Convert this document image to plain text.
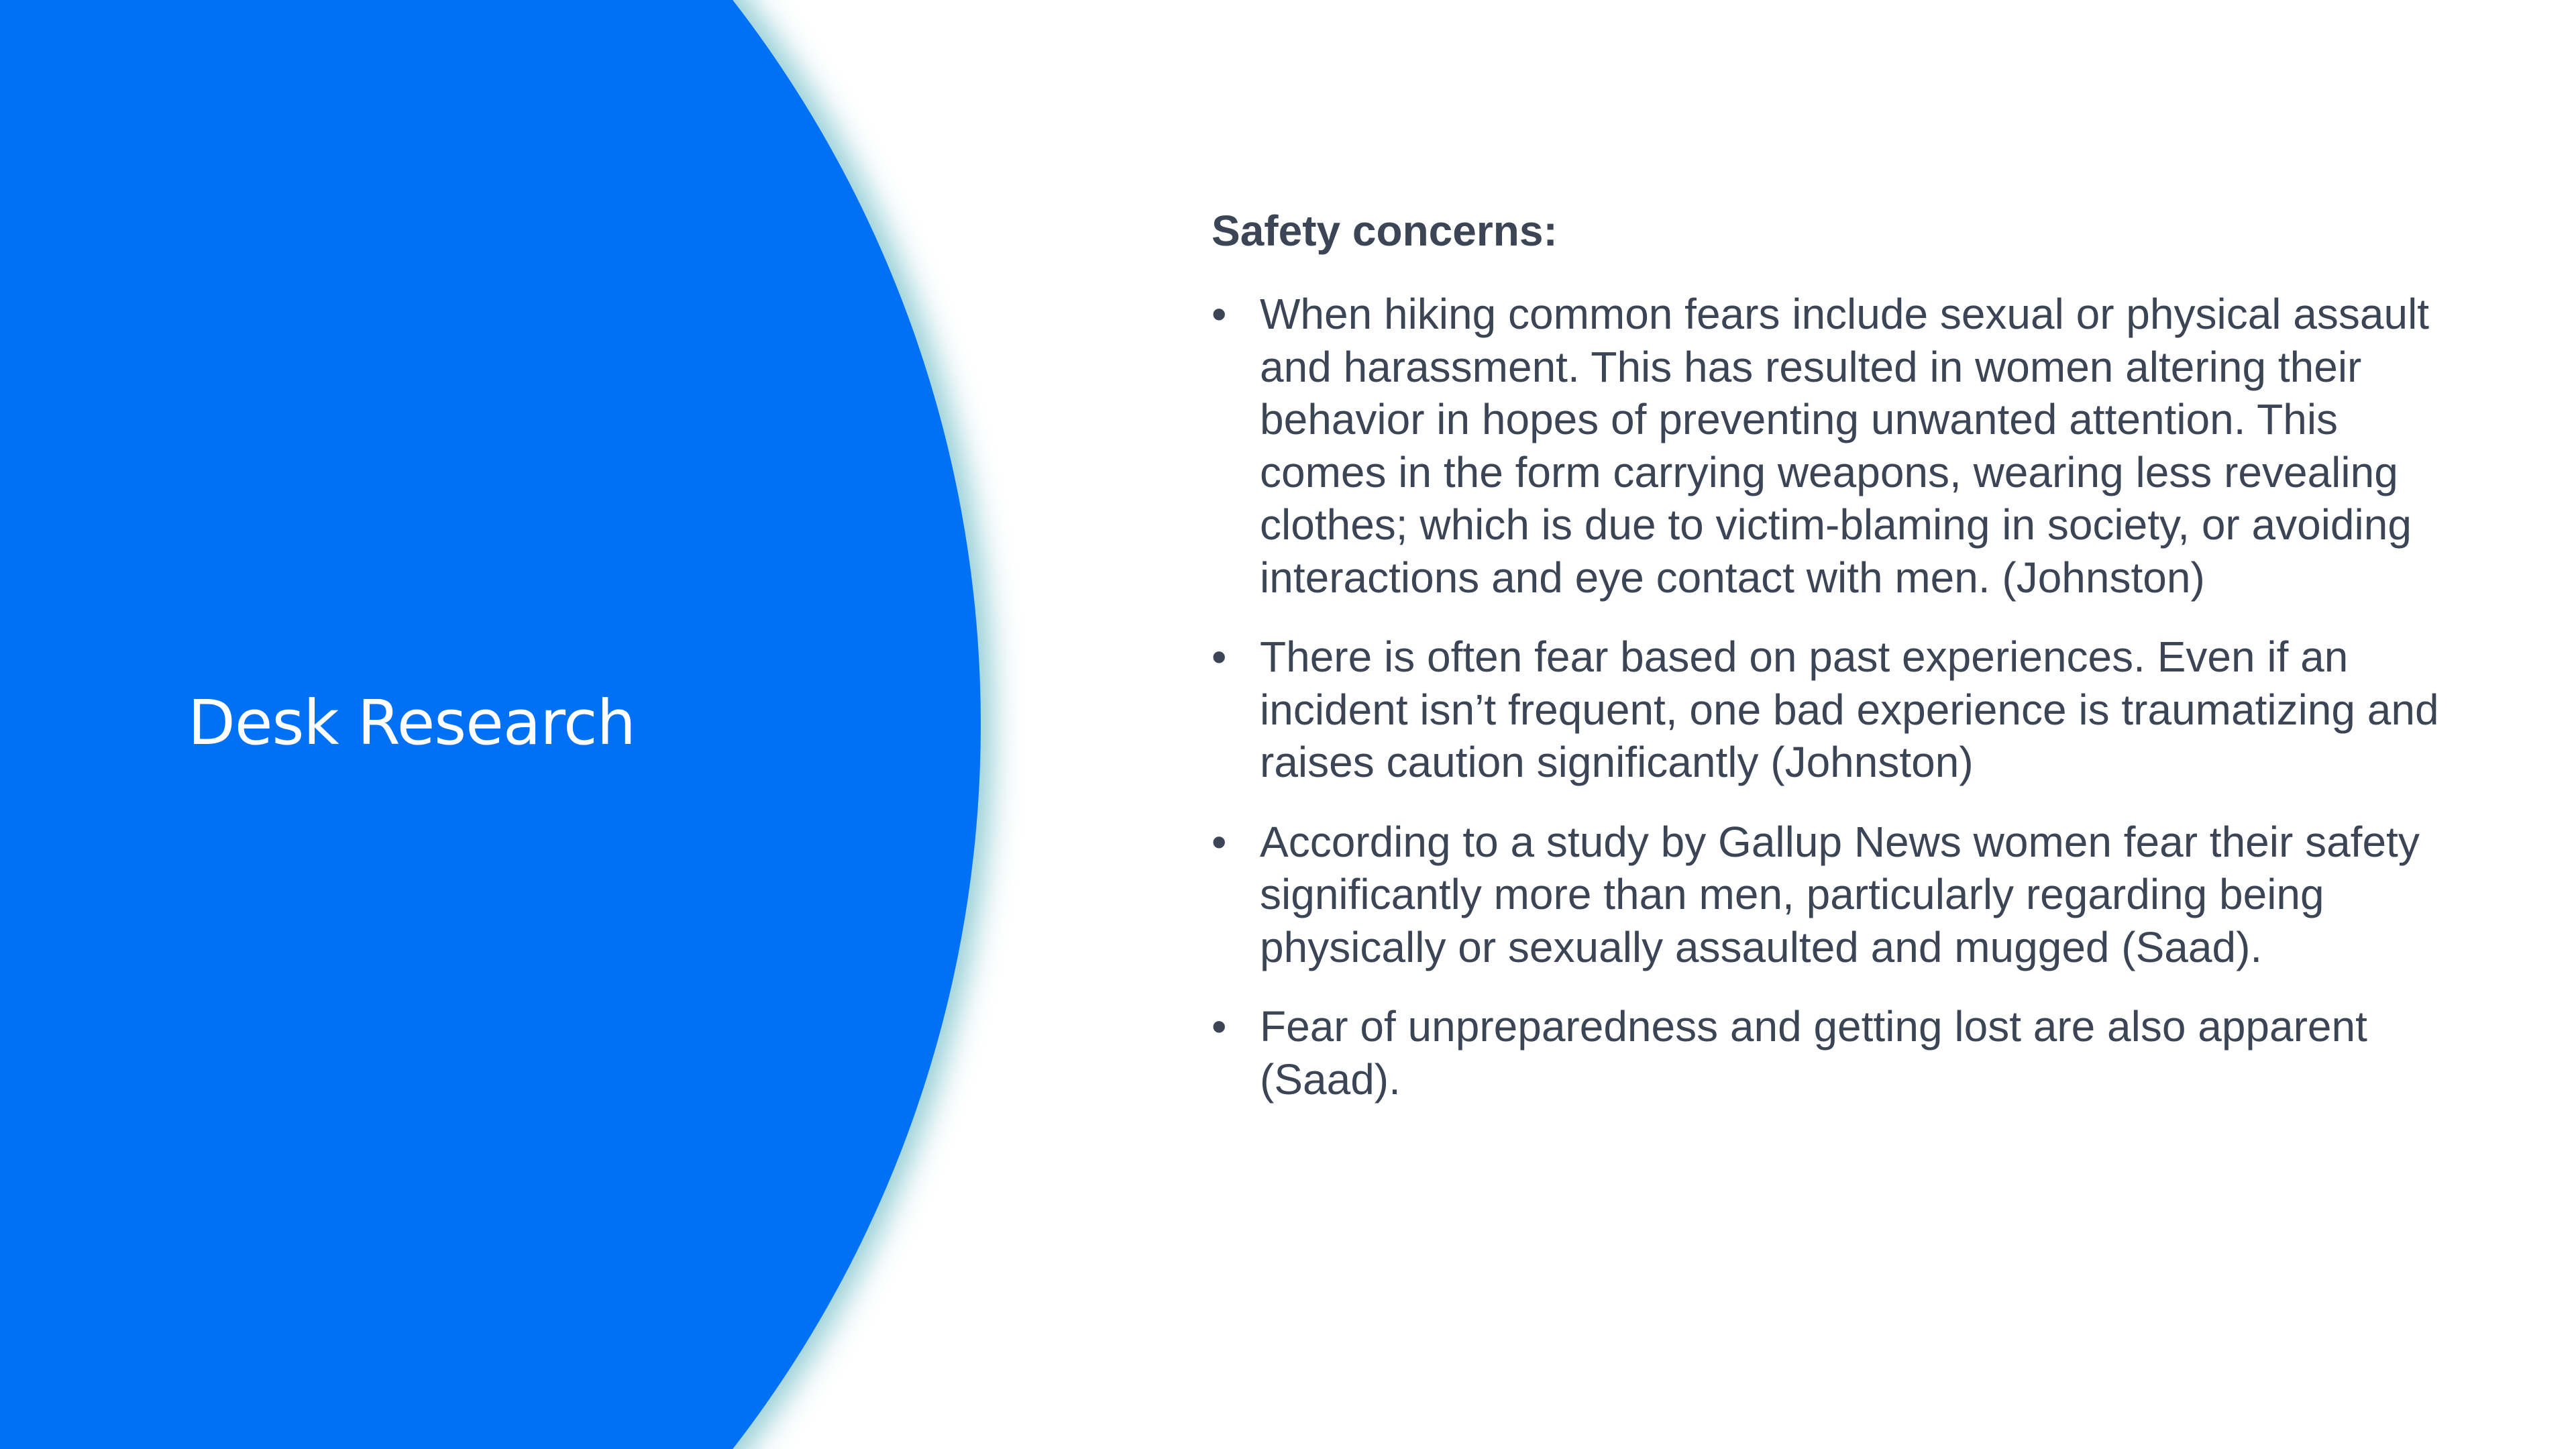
Desk Research
Safety concerns:
• When hiking common fears include sexual or physical assault and harassment. This has resulted in women altering their behavior in hopes of preventing unwanted attention. This comes in the form carrying weapons, wearing less revealing clothes; which is due to victim-blaming in society, or avoiding interactions and eye contact with men. (Johnston)
• There is often fear based on past experiences. Even if an incident isn’t frequent, one bad experience is traumatizing and raises caution significantly (Johnston)
• According to a study by Gallup News women fear their safety significantly more than men, particularly regarding being physically or sexually assaulted and mugged (Saad).
• Fear of unpreparedness and getting lost are also apparent (Saad).
